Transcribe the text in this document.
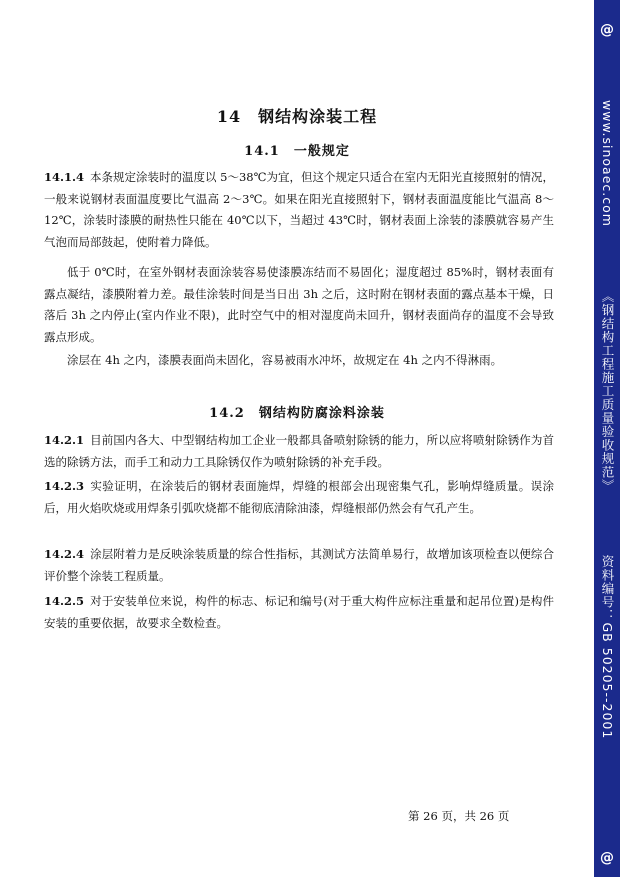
14　钢结构涂装工程
14.1　一般规定
14.1.4 本条规定涂装时的温度以 5～38℃为宜，但这个规定只适合在室内无阳光直接照射的情况，一般来说钢材表面温度要比气温高 2～3℃。如果在阳光直接照射下，钢材表面温度能比气温高 8～12℃，涂装时漆膜的耐热性只能在 40℃以下，当超过 43℃时，钢材表面上涂装的漆膜就容易产生气泡而局部鼓起，使附着力降低。
低于 0℃时，在室外钢材表面涂装容易使漆膜冻结而不易固化；湿度超过 85%时，钢材表面有露点凝结，漆膜附着力差。最佳涂装时间是当日出 3h 之后，这时附在钢材表面的露点基本干燥，日落后 3h 之内停止(室内作业不限)，此时空气中的相对湿度尚未回升，钢材表面尚存的温度不会导致露点形成。
涂层在 4h 之内，漆膜表面尚未固化，容易被雨水冲坏，故规定在 4h 之内不得淋雨。
14.2　钢结构防腐涂料涂装
14.2.1 目前国内各大、中型钢结构加工企业一般都具备喷射除锈的能力，所以应将喷射除锈作为首选的除锈方法，而手工和动力工具除锈仅作为喷射除锈的补充手段。
14.2.3 实验证明，在涂装后的钢材表面施焊，焊缝的根部会出现密集气孔，影响焊缝质量。误涂后，用火焰吹烧或用焊条引弧吹烧都不能彻底清除油漆，焊缝根部仍然会有气孔产生。
14.2.4 涂层附着力是反映涂装质量的综合性指标，其测试方法简单易行，故增加该项检查以便综合评价整个涂装工程质量。
14.2.5 对于安装单位来说，构件的标志、标记和编号(对于重大构件应标注重量和起吊位置)是构件安装的重要依据，故要求全数检查。
第 26 页，共 26 页
@
www.sinoaec.com
《钢结构工程施工质量验收规范》
资料编号：GB 50205--2001
@
